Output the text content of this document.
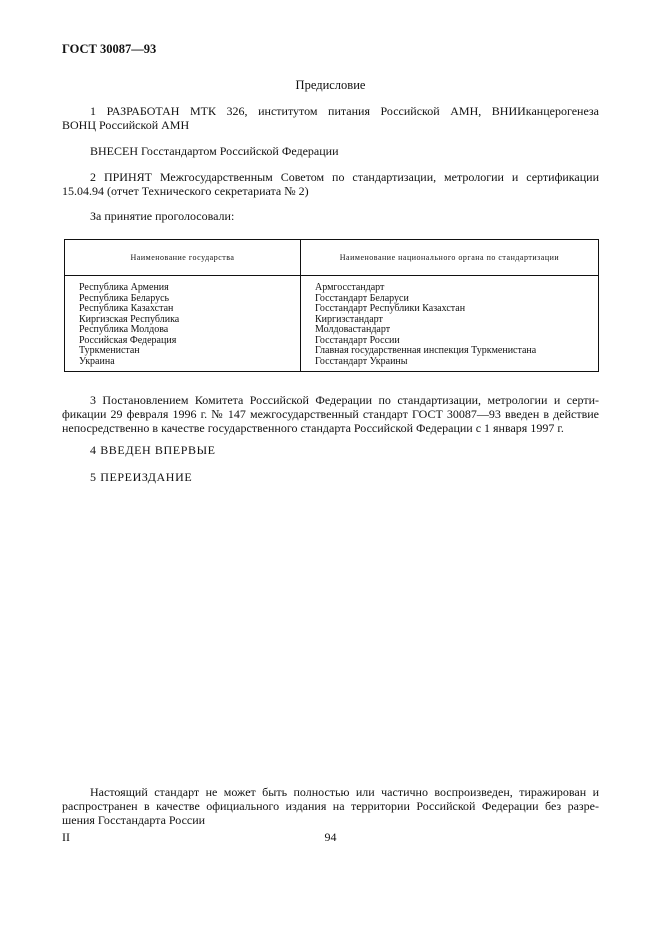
ГОСТ 30087—93
Предисловие
1 РАЗРАБОТАН МТК 326, институтом питания Российской АМН, ВНИИканцерогенеза
ВОНЦ Российской АМН
ВНЕСЕН Госстандартом Российской Федерации
2 ПРИНЯТ Межгосударственным Советом по стандартизации, метрологии и сертификации
15.04.94 (отчет Технического секретариата № 2)
За принятие проголосовали:
Наименование государства	Наименование национального органа по стандартизации
Республика Армения	Армгосстандарт
Республика Беларусь	Госстандарт Беларуси
Республика Казахстан	Госстандарт Республики Казахстан
Киргизская Республика	Киргизстандарт
Республика Молдова	Молдовастандарт
Российская Федерация	Госстандарт России
Туркменистан	Главная государственная инспекция Туркменистана
Украина	Госстандарт Украины
3 Постановлением Комитета Российской Федерации по стандартизации, метрологии и серти-
фикации 29 февраля 1996 г. № 147 межгосударственный стандарт ГОСТ 30087—93 введен в действие
непосредственно в качестве государственного стандарта Российской Федерации с 1 января 1997 г.
4 ВВЕДЕН ВПЕРВЫЕ
5 ПЕРЕИЗДАНИЕ
Настоящий стандарт не может быть полностью или частично воспроизведен, тиражирован и
распространен в качестве официального издания на территории Российской Федерации без разре-
шения Госстандарта России
II	94
